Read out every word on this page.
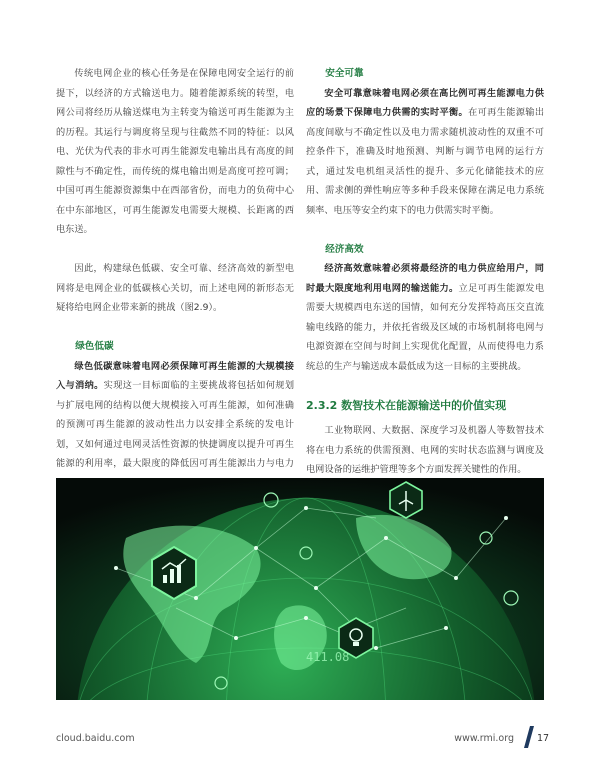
传统电网企业的核心任务是在保障电网安全运行的前提下，以经济的方式输送电力。随着能源系统的转型，电网公司将经历从输送煤电为主转变为输送可再生能源为主的历程。其运行与调度将呈现与往截然不同的特征：以风电、光伏为代表的非水可再生能源发电输出具有高度的间隙性与不确定性，而传统的煤电输出则是高度可控可调；中国可再生能源资源集中在西部省份，而电力的负荷中心在中东部地区，可再生能源发电需要大规模、长距离的西电东送。

因此，构建绿色低碳、安全可靠、经济高效的新型电网将是电网企业的低碳核心关切，而上述电网的新形态无疑将给电网企业带来新的挑战（图2.9）。

绿色低碳

绿色低碳意味着电网必须保障可再生能源的大规模接入与消纳。实现这一目标面临的主要挑战将包括如何规划与扩展电网的结构以便大规模接入可再生能源，如何准确的预测可再生能源的波动性出力以安排全系统的发电计划，又如何通过电网灵活性资源的快捷调度以提升可再生能源的利用率，最大限度的降低因可再生能源出力与电力

安全可靠

安全可靠意味着电网必须在高比例可再生能源电力供应的场景下保障电力供需的实时平衡。在可再生能源输出高度间歇与不确定性以及电力需求随机波动性的双重不可控条件下，准确及时地预测、判断与调节电网的运行方式，通过发电机组灵活性的提升、多元化储能技术的应用、需求侧的弹性响应等多种手段来保障在满足电力系统频率、电压等安全约束下的电力供需实时平衡。

经济高效

经济高效意味着必须将最经济的电力供应给用户，同时最大限度地利用电网的输送能力。立足可再生能源发电需要大规模西电东送的国情，如何充分发挥特高压交直流输电线路的能力，并依托省级及区域的市场机制将电网与电源资源在空间与时间上实现优化配置，从而使得电力系统总的生产与输送成本最低成为这一目标的主要挑战。

2.3.2 数智技术在能源输送中的价值实现

工业物联网、大数据、深度学习及机器人等数智技术将在电力系统的供需预测、电网的实时状态监测与调度及电网设备的运维护管理等多个方面发挥关键性的作用。

411.08
cloud.baidu.com	www.rmi.org 17
